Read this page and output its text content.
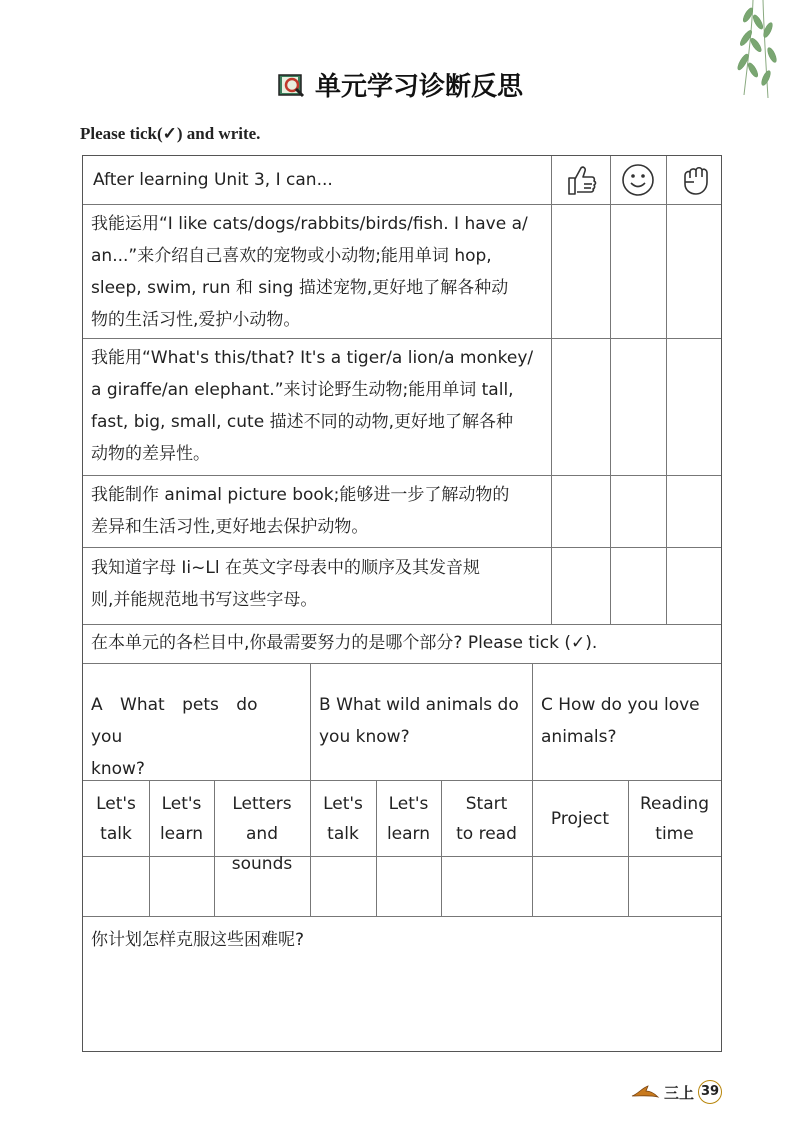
单元学习诊断反思
Please tick(✓) and write.
After learning Unit 3, I can...
我能运用“I like cats/dogs/rabbits/birds/fish. I have a/
an...”来介绍自己喜欢的宠物或小动物;能用单词 hop,
sleep, swim, run 和 sing 描述宠物,更好地了解各种动
物的生活习性,爱护小动物。
我能用“What's this/that? It's a tiger/a lion/a monkey/
a giraffe/an elephant.”来讨论野生动物;能用单词 tall,
fast, big, small, cute 描述不同的动物,更好地了解各种
动物的差异性。
我能制作 animal picture book;能够进一步了解动物的
差异和生活习性,更好地去保护动物。
我知道字母 Ii~Ll 在英文字母表中的顺序及其发音规
则,并能规范地书写这些字母。
在本单元的各栏目中,你最需要努力的是哪个部分? Please tick (✓).
A What pets do you
know?
B What wild animals do
you know?
C How do you love
animals?
Let's
talk
Let's
learn
Letters
and sounds
Let's
talk
Let's
learn
Start
to read
Project
Reading
time
你计划怎样克服这些困难呢?
三上 39
